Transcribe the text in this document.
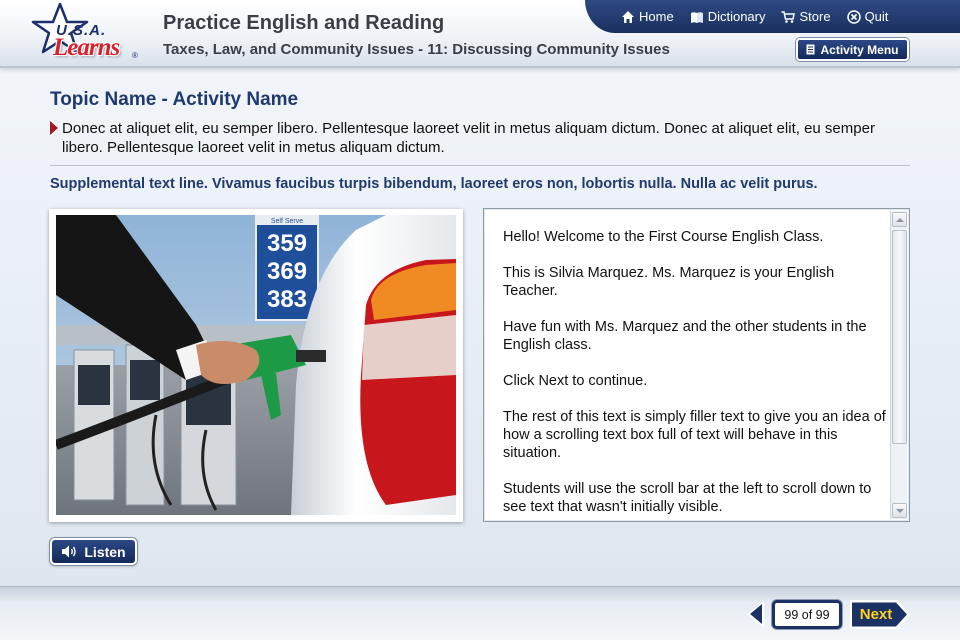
U.S.A.
Learns ®
Practice English and Reading
Taxes, Law, and Community Issues - 11: Discussing Community Issues
Home	Dictionary	Store	Quit
Activity Menu
Topic Name - Activity Name
Donec at aliquet elit, eu semper libero. Pellentesque laoreet velit in metus aliquam dictum. Donec at aliquet elit, eu semper libero. Pellentesque laoreet velit in metus aliquam dictum.
Supplemental text line. Vivamus faucibus turpis bibendum, laoreet eros non, lobortis nulla. Nulla ac velit purus.
Self Serve
359
369
383

Hello! Welcome to the First Course English Class.

This is Silvia Marquez. Ms. Marquez is your English Teacher.

Have fun with Ms. Marquez and the other students in the English class.

Click Next to continue.

The rest of this text is simply filler text to give you an idea of how a scrolling text box full of text will behave in this situation.

Students will use the scroll bar at the left to scroll down to see text that wasn't initially visible.

Listen
99 of 99	Next
